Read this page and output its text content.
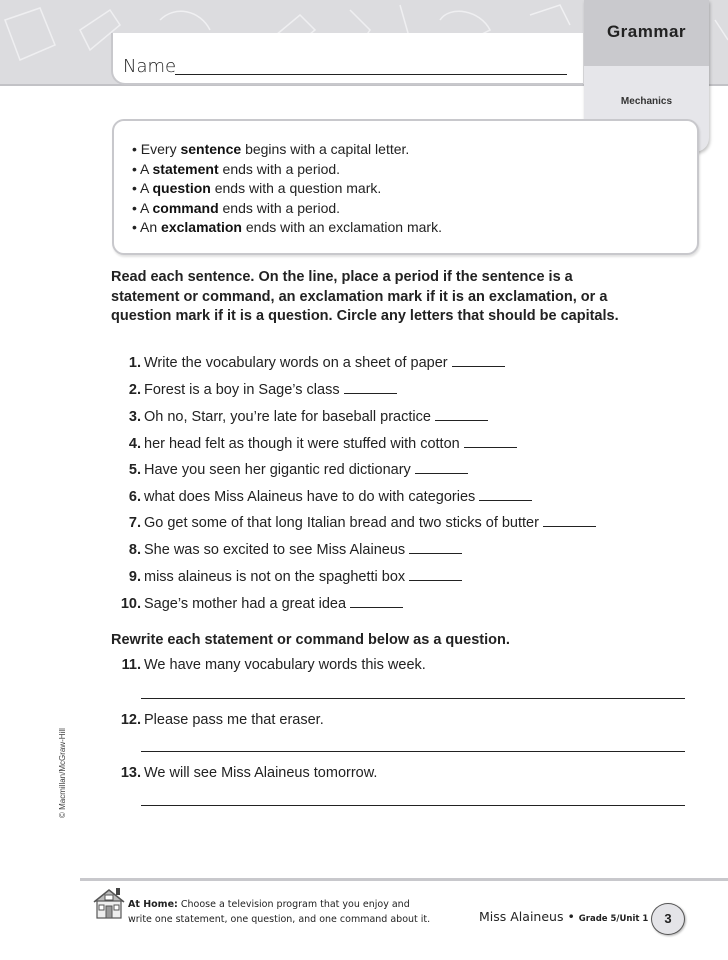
Name
Grammar
Mechanics
• Every sentence begins with a capital letter.
• A statement ends with a period.
• A question ends with a question mark.
• A command ends with a period.
• An exclamation ends with an exclamation mark.
Read each sentence. On the line, place a period if the sentence is a statement or command, an exclamation mark if it is an exclamation, or a question mark if it is a question. Circle any letters that should be capitals.
1. Write the vocabulary words on a sheet of paper
2. Forest is a boy in Sage’s class
3. Oh no, Starr, you’re late for baseball practice
4. her head felt as though it were stuffed with cotton
5. Have you seen her gigantic red dictionary
6. what does Miss Alaineus have to do with categories
7. Go get some of that long Italian bread and two sticks of butter
8. She was so excited to see Miss Alaineus
9. miss alaineus is not on the spaghetti box
10. Sage’s mother had a great idea
Rewrite each statement or command below as a question.
11. We have many vocabulary words this week.
12. Please pass me that eraser.
13. We will see Miss Alaineus tomorrow.
© Macmillan/McGraw-Hill
At Home: Choose a television program that you enjoy and
write one statement, one question, and one command about it.	Miss Alaineus • Grade 5/Unit 1	3
